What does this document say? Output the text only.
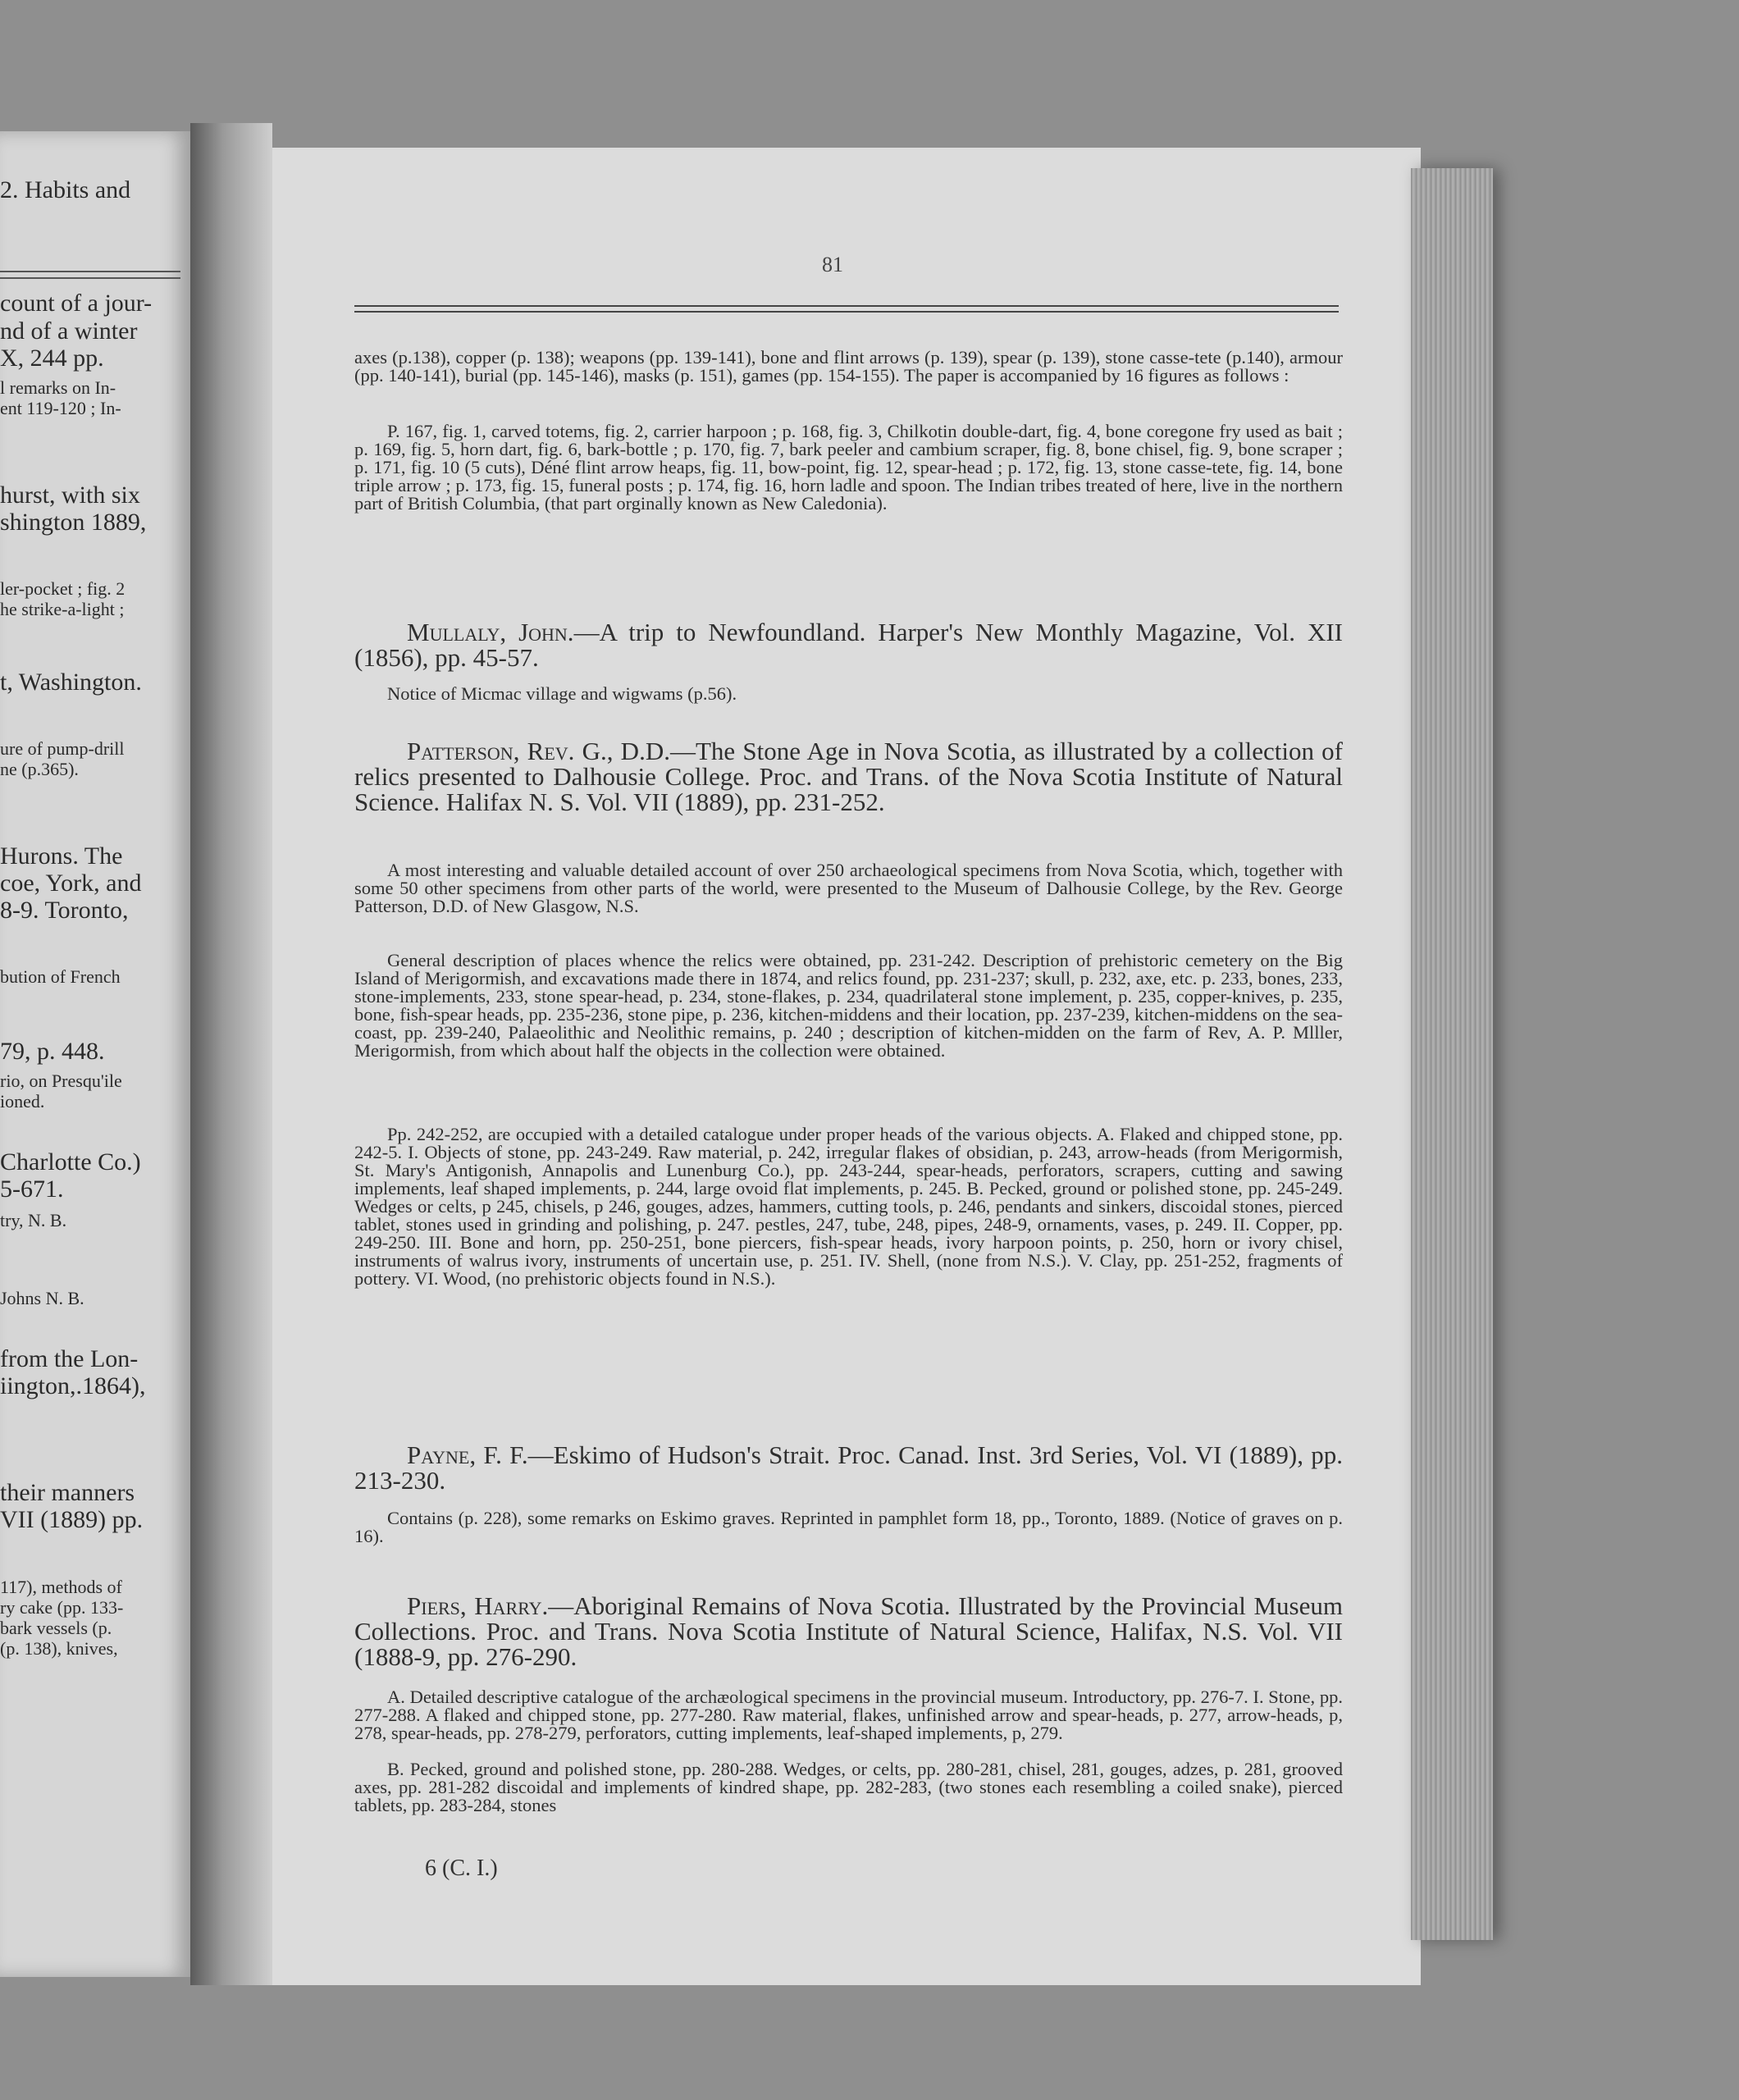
2. Habits and
count of a jour-
nd of a winter
X, 244 pp.
l remarks on In-
ent 119-120 ; In-
hurst, with six
shington 1889,
ler-pocket ; fig. 2
he strike-a-light ;
t, Washington.
ure of pump-drill
ne (p.365).
Hurons. The
coe, York, and
8-9. Toronto,
bution of French
79, p. 448.
rio, on Presqu'ile
ioned.
Charlotte Co.)
5-671.
try, N. B.
Johns N. B.
from the Lon-
iington,.1864),
their manners
VII (1889) pp.
117), methods of
ry cake (pp. 133-
bark vessels (p.
(p. 138), knives,
81
axes (p.138), copper (p. 138); weapons (pp. 139-141), bone and flint arrows (p. 139), spear (p. 139), stone casse-tete (p.140), armour (pp. 140-141), burial (pp. 145-146), masks (p. 151), games (pp. 154-155). The paper is accompanied by 16 figures as follows :
P. 167, fig. 1, carved totems, fig. 2, carrier harpoon ; p. 168, fig. 3, Chilkotin double-dart, fig. 4, bone coregone fry used as bait ; p. 169, fig. 5, horn dart, fig. 6, bark-bottle ; p. 170, fig. 7, bark peeler and cambium scraper, fig. 8, bone chisel, fig. 9, bone scraper ; p. 171, fig. 10 (5 cuts), Déné flint arrow heaps, fig. 11, bow-point, fig. 12, spear-head ; p. 172, fig. 13, stone casse-tete, fig. 14, bone triple arrow ; p. 173, fig. 15, funeral posts ; p. 174, fig. 16, horn ladle and spoon. The Indian tribes treated of here, live in the northern part of British Columbia, (that part orginally known as New Caledonia).
Mullaly, John.—A trip to Newfoundland. Harper's New Monthly Magazine, Vol. XII (1856), pp. 45-57.
Notice of Micmac village and wigwams (p.56).
Patterson, Rev. G., D.D.—The Stone Age in Nova Scotia, as illustrated by a collection of relics presented to Dalhousie College. Proc. and Trans. of the Nova Scotia Institute of Natural Science. Halifax N. S. Vol. VII (1889), pp. 231-252.
A most interesting and valuable detailed account of over 250 archaeological specimens from Nova Scotia, which, together with some 50 other specimens from other parts of the world, were presented to the Museum of Dalhousie College, by the Rev. George Patterson, D.D. of New Glasgow, N.S.
General description of places whence the relics were obtained, pp. 231-242. Description of prehistoric cemetery on the Big Island of Merigormish, and excavations made there in 1874, and relics found, pp. 231-237; skull, p. 232, axe, etc. p. 233, bones, 233, stone-implements, 233, stone spear-head, p. 234, stone-flakes, p. 234, quadrilateral stone implement, p. 235, copper-knives, p. 235, bone, fish-spear heads, pp. 235-236, stone pipe, p. 236, kitchen-middens and their location, pp. 237-239, kitchen-middens on the sea-coast, pp. 239-240, Palaeolithic and Neolithic remains, p. 240 ; description of kitchen-midden on the farm of Rev, A. P. Mlller, Merigormish, from which about half the objects in the collection were obtained.
Pp. 242-252, are occupied with a detailed catalogue under proper heads of the various objects. A. Flaked and chipped stone, pp. 242-5. I. Objects of stone, pp. 243-249. Raw material, p. 242, irregular flakes of obsidian, p. 243, arrow-heads (from Merigormish, St. Mary's Antigonish, Annapolis and Lunenburg Co.), pp. 243-244, spear-heads, perforators, scrapers, cutting and sawing implements, leaf shaped implements, p. 244, large ovoid flat implements, p. 245. B. Pecked, ground or polished stone, pp. 245-249. Wedges or celts, p 245, chisels, p 246, gouges, adzes, hammers, cutting tools, p. 246, pendants and sinkers, discoidal stones, pierced tablet, stones used in grinding and polishing, p. 247. pestles, 247, tube, 248, pipes, 248-9, ornaments, vases, p. 249. II. Copper, pp. 249-250. III. Bone and horn, pp. 250-251, bone piercers, fish-spear heads, ivory harpoon points, p. 250, horn or ivory chisel, instruments of walrus ivory, instruments of uncertain use, p. 251. IV. Shell, (none from N.S.). V. Clay, pp. 251-252, fragments of pottery. VI. Wood, (no prehistoric objects found in N.S.).
Payne, F. F.—Eskimo of Hudson's Strait. Proc. Canad. Inst. 3rd Series, Vol. VI (1889), pp. 213-230.
Contains (p. 228), some remarks on Eskimo graves. Reprinted in pamphlet form 18, pp., Toronto, 1889. (Notice of graves on p. 16).
Piers, Harry.—Aboriginal Remains of Nova Scotia. Illustrated by the Provincial Museum Collections. Proc. and Trans. Nova Scotia Institute of Natural Science, Halifax, N.S. Vol. VII (1888-9, pp. 276-290.
A. Detailed descriptive catalogue of the archæological specimens in the provincial museum. Introductory, pp. 276-7. I. Stone, pp. 277-288. A flaked and chipped stone, pp. 277-280. Raw material, flakes, unfinished arrow and spear-heads, p. 277, arrow-heads, p, 278, spear-heads, pp. 278-279, perforators, cutting implements, leaf-shaped implements, p, 279.
B. Pecked, ground and polished stone, pp. 280-288. Wedges, or celts, pp. 280-281, chisel, 281, gouges, adzes, p. 281, grooved axes, pp. 281-282 discoidal and implements of kindred shape, pp. 282-283, (two stones each resembling a coiled snake), pierced tablets, pp. 283-284, stones
6 (C. I.)
